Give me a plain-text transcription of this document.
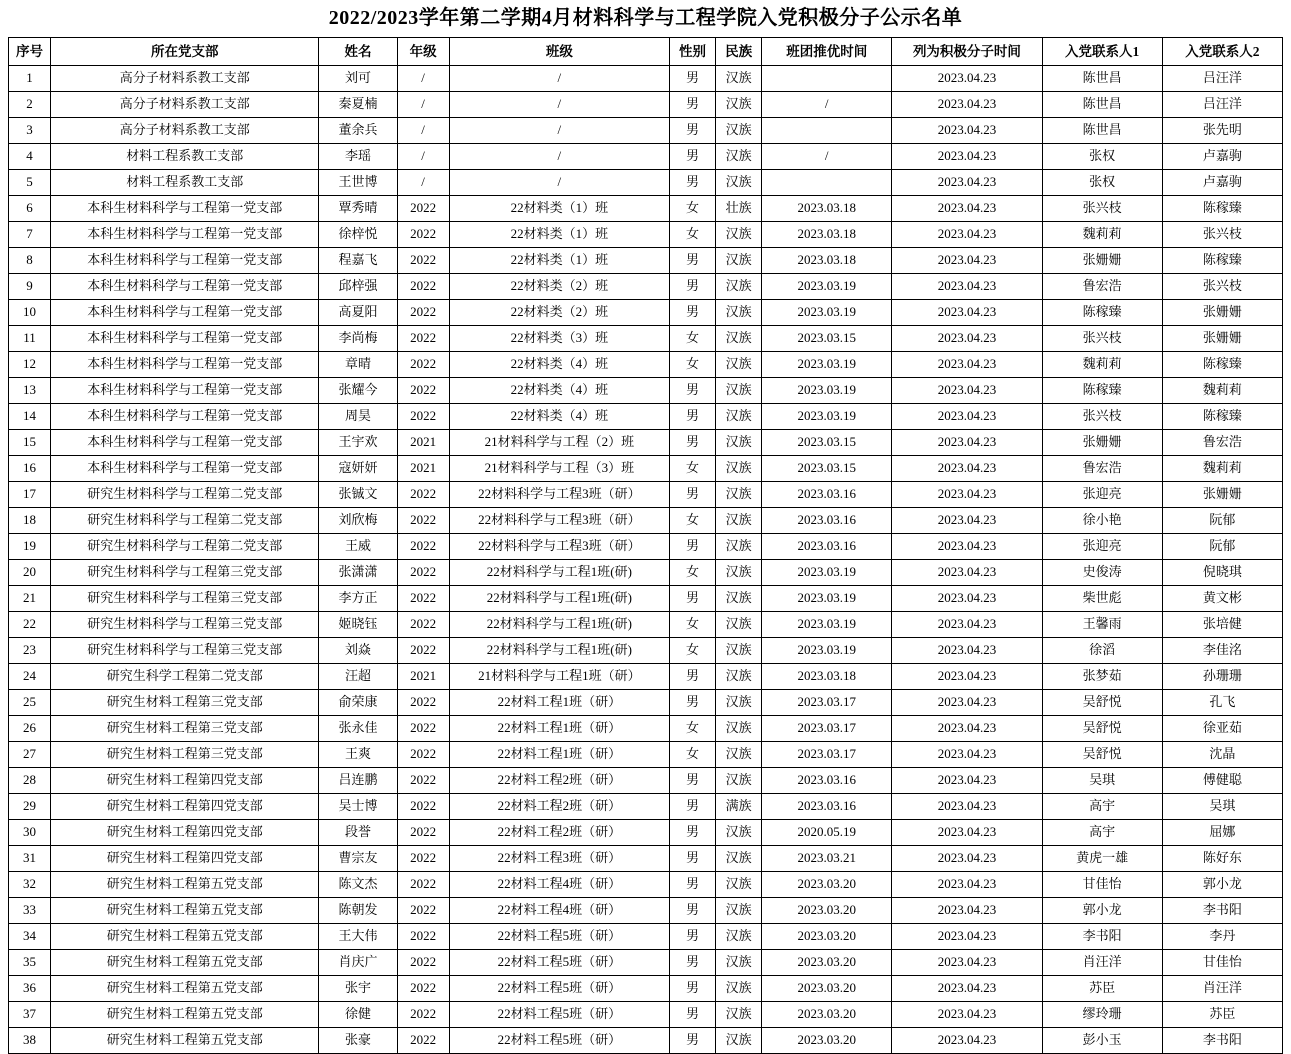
2022/2023学年第二学期4月材料科学与工程学院入党积极分子公示名单
序号	所在党支部	姓名	年级	班级	性别	民族	班团推优时间	列为积极分子时间	入党联系人1	入党联系人2
1	高分子材料系教工支部	刘可	/	/	男	汉族		2023.04.23	陈世昌	吕汪洋
2	高分子材料系教工支部	秦夏楠	/	/	男	汉族	/	2023.04.23	陈世昌	吕汪洋
3	高分子材料系教工支部	董余兵	/	/	男	汉族		2023.04.23	陈世昌	张先明
4	材料工程系教工支部	李瑶	/	/	男	汉族	/	2023.04.23	张权	卢嘉驹
5	材料工程系教工支部	王世博	/	/	男	汉族		2023.04.23	张权	卢嘉驹
6	本科生材料科学与工程第一党支部	覃秀晴	2022	22材料类（1）班	女	壮族	2023.03.18	2023.04.23	张兴枝	陈稼臻
7	本科生材料科学与工程第一党支部	徐梓悦	2022	22材料类（1）班	女	汉族	2023.03.18	2023.04.23	魏莉莉	张兴枝
8	本科生材料科学与工程第一党支部	程嘉飞	2022	22材料类（1）班	男	汉族	2023.03.18	2023.04.23	张姗姗	陈稼臻
9	本科生材料科学与工程第一党支部	邱梓强	2022	22材料类（2）班	男	汉族	2023.03.19	2023.04.23	鲁宏浩	张兴枝
10	本科生材料科学与工程第一党支部	高夏阳	2022	22材料类（2）班	男	汉族	2023.03.19	2023.04.23	陈稼臻	张姗姗
11	本科生材料科学与工程第一党支部	李尚梅	2022	22材料类（3）班	女	汉族	2023.03.15	2023.04.23	张兴枝	张姗姗
12	本科生材料科学与工程第一党支部	章晴	2022	22材料类（4）班	女	汉族	2023.03.19	2023.04.23	魏莉莉	陈稼臻
13	本科生材料科学与工程第一党支部	张耀今	2022	22材料类（4）班	男	汉族	2023.03.19	2023.04.23	陈稼臻	魏莉莉
14	本科生材料科学与工程第一党支部	周昊	2022	22材料类（4）班	男	汉族	2023.03.19	2023.04.23	张兴枝	陈稼臻
15	本科生材料科学与工程第一党支部	王宇欢	2021	21材料科学与工程（2）班	男	汉族	2023.03.15	2023.04.23	张姗姗	鲁宏浩
16	本科生材料科学与工程第一党支部	寇妍妍	2021	21材料科学与工程（3）班	女	汉族	2023.03.15	2023.04.23	鲁宏浩	魏莉莉
17	研究生材料科学与工程第二党支部	张铖文	2022	22材料科学与工程3班（研）	男	汉族	2023.03.16	2023.04.23	张迎亮	张姗姗
18	研究生材料科学与工程第二党支部	刘欣梅	2022	22材料科学与工程3班（研）	女	汉族	2023.03.16	2023.04.23	徐小艳	阮郁
19	研究生材料科学与工程第二党支部	王威	2022	22材料科学与工程3班（研）	男	汉族	2023.03.16	2023.04.23	张迎亮	阮郁
20	研究生材料科学与工程第三党支部	张潇潇	2022	22材料科学与工程1班(研)	女	汉族	2023.03.19	2023.04.23	史俊涛	倪晓琪
21	研究生材料科学与工程第三党支部	李方正	2022	22材料科学与工程1班(研)	男	汉族	2023.03.19	2023.04.23	柴世彪	黄文彬
22	研究生材料科学与工程第三党支部	姬晓钰	2022	22材料科学与工程1班(研)	女	汉族	2023.03.19	2023.04.23	王馨雨	张培健
23	研究生材料科学与工程第三党支部	刘焱	2022	22材料科学与工程1班(研)	女	汉族	2023.03.19	2023.04.23	徐滔	李佳洺
24	研究生科学工程第二党支部	汪超	2021	21材料科学与工程1班（研）	男	汉族	2023.03.18	2023.04.23	张梦茹	孙珊珊
25	研究生材料工程第三党支部	俞荣康	2022	22材料工程1班（研）	男	汉族	2023.03.17	2023.04.23	吴舒悦	孔飞
26	研究生材料工程第三党支部	张永佳	2022	22材料工程1班（研）	女	汉族	2023.03.17	2023.04.23	吴舒悦	徐亚茹
27	研究生材料工程第三党支部	王爽	2022	22材料工程1班（研）	女	汉族	2023.03.17	2023.04.23	吴舒悦	沈晶
28	研究生材料工程第四党支部	吕连鹏	2022	22材料工程2班（研）	男	汉族	2023.03.16	2023.04.23	吴琪	傅健聪
29	研究生材料工程第四党支部	吴士博	2022	22材料工程2班（研）	男	满族	2023.03.16	2023.04.23	高宇	吴琪
30	研究生材料工程第四党支部	段誉	2022	22材料工程2班（研）	男	汉族	2020.05.19	2023.04.23	高宇	屈娜
31	研究生材料工程第四党支部	曹宗友	2022	22材料工程3班（研）	男	汉族	2023.03.21	2023.04.23	黄虎一雄	陈好东
32	研究生材料工程第五党支部	陈文杰	2022	22材料工程4班（研）	男	汉族	2023.03.20	2023.04.23	甘佳怡	郭小龙
33	研究生材料工程第五党支部	陈朝发	2022	22材料工程4班（研）	男	汉族	2023.03.20	2023.04.23	郭小龙	李书阳
34	研究生材料工程第五党支部	王大伟	2022	22材料工程5班（研）	男	汉族	2023.03.20	2023.04.23	李书阳	李丹
35	研究生材料工程第五党支部	肖庆广	2022	22材料工程5班（研）	男	汉族	2023.03.20	2023.04.23	肖汪洋	甘佳怡
36	研究生材料工程第五党支部	张宇	2022	22材料工程5班（研）	男	汉族	2023.03.20	2023.04.23	苏臣	肖汪洋
37	研究生材料工程第五党支部	徐健	2022	22材料工程5班（研）	男	汉族	2023.03.20	2023.04.23	缪玲珊	苏臣
38	研究生材料工程第五党支部	张豪	2022	22材料工程5班（研）	男	汉族	2023.03.20	2023.04.23	彭小玉	李书阳
